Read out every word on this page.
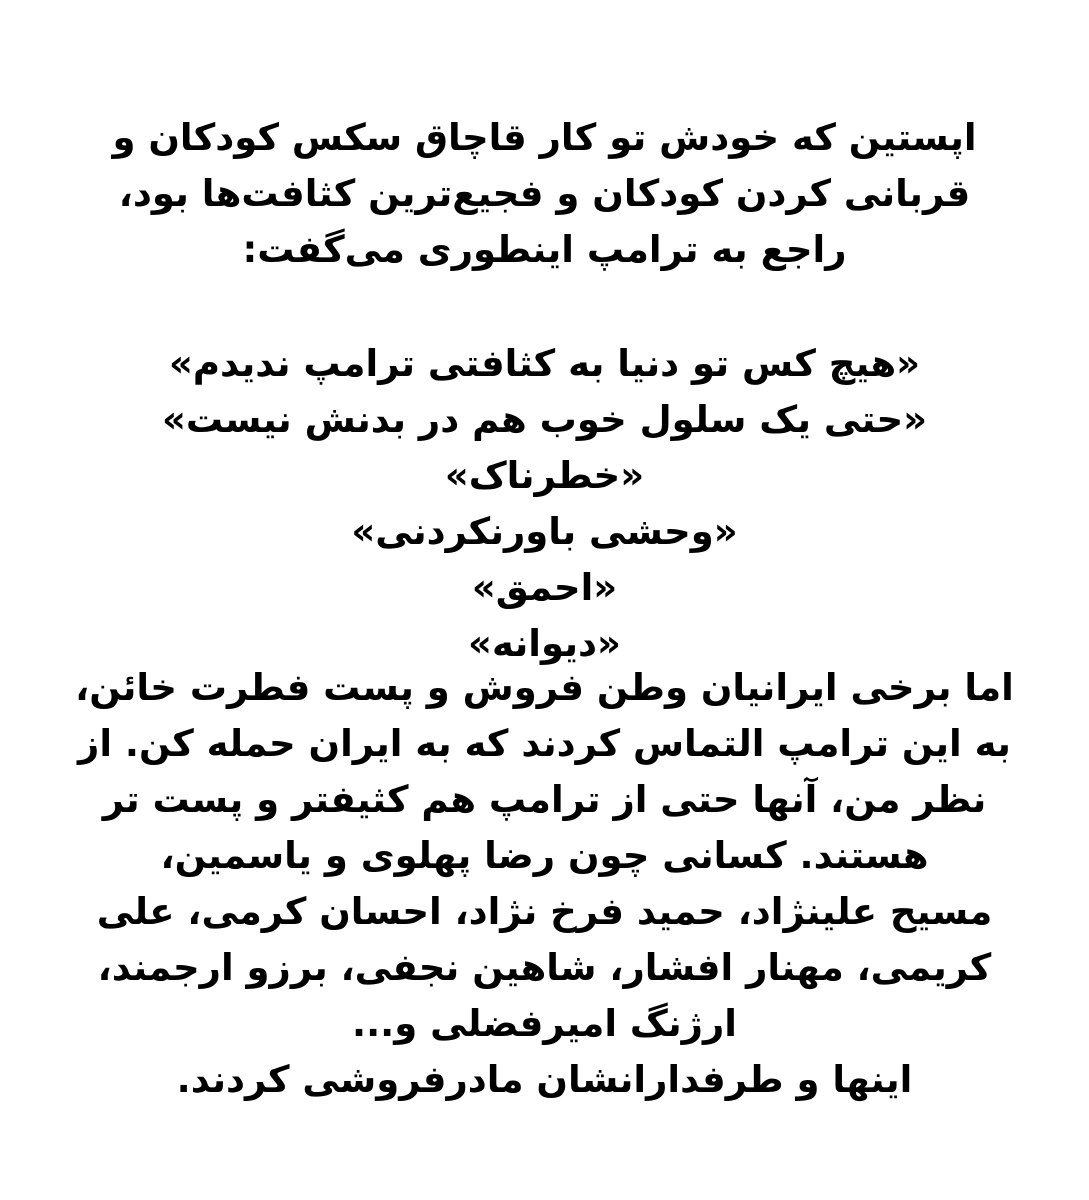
اپستین که خودش تو کار قاچاق سکس کودکان و
قربانی کردن کودکان و فجیع‌ترین کثافت‌ها بود،
راجع به ترامپ اینطوری می‌گفت:
«هیچ کس تو دنیا به کثافتی ترامپ ندیدم»
«حتی یک سلول خوب هم در بدنش نیست»
«خطرناک»
«وحشی باورنکردنی»
«احمق»
«دیوانه»
اما برخی ایرانیان وطن فروش و پست فطرت خائن،
به این ترامپ التماس کردند که به ایران حمله کن. از
نظر من، آنها حتی از ترامپ هم کثیفتر و پست تر
هستند. کسانی چون رضا پهلوی و یاسمین،
مسیح علینژاد، حمید فرخ نژاد، احسان کرمی، علی
کریمی، مهنار افشار، شاهین نجفی، برزو ارجمند،
ارژنگ امیرفضلی و...
اینها و طرفدارانشان مادرفروشی کردند.
